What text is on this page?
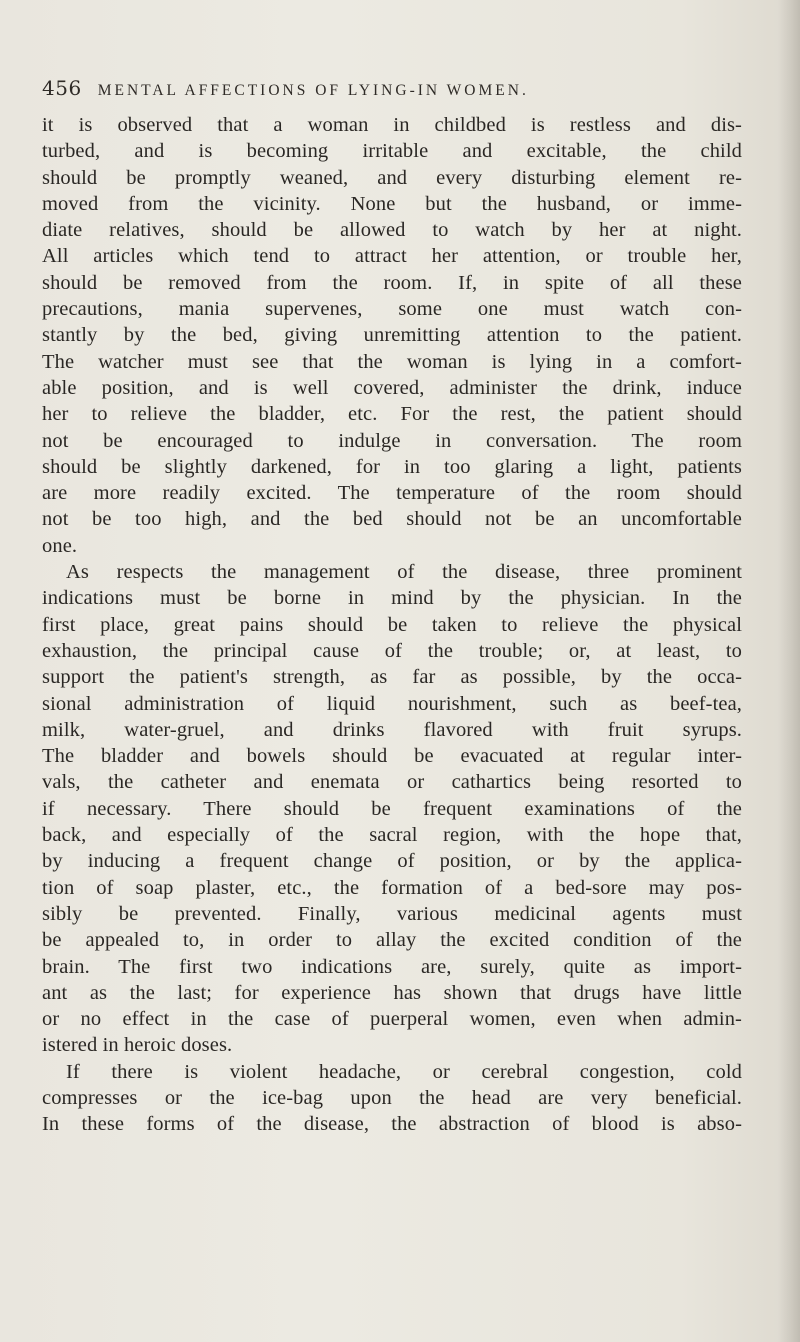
456 MENTAL AFFECTIONS OF LYING-IN WOMEN.
it is observed that a woman in childbed is restless and dis-
turbed, and is becoming irritable and excitable, the child
should be promptly weaned, and every disturbing element re-
moved from the vicinity. None but the husband, or imme-
diate relatives, should be allowed to watch by her at night.
All articles which tend to attract her attention, or trouble her,
should be removed from the room. If, in spite of all these
precautions, mania supervenes, some one must watch con-
stantly by the bed, giving unremitting attention to the patient.
The watcher must see that the woman is lying in a comfort-
able position, and is well covered, administer the drink, induce
her to relieve the bladder, etc. For the rest, the patient should
not be encouraged to indulge in conversation. The room
should be slightly darkened, for in too glaring a light, patients
are more readily excited. The temperature of the room should
not be too high, and the bed should not be an uncomfortable
one.
As respects the management of the disease, three prominent
indications must be borne in mind by the physician. In the
first place, great pains should be taken to relieve the physical
exhaustion, the principal cause of the trouble; or, at least, to
support the patient's strength, as far as possible, by the occa-
sional administration of liquid nourishment, such as beef-tea,
milk, water-gruel, and drinks flavored with fruit syrups.
The bladder and bowels should be evacuated at regular inter-
vals, the catheter and enemata or cathartics being resorted to
if necessary. There should be frequent examinations of the
back, and especially of the sacral region, with the hope that,
by inducing a frequent change of position, or by the applica-
tion of soap plaster, etc., the formation of a bed-sore may pos-
sibly be prevented. Finally, various medicinal agents must
be appealed to, in order to allay the excited condition of the
brain. The first two indications are, surely, quite as import-
ant as the last; for experience has shown that drugs have little
or no effect in the case of puerperal women, even when admin-
istered in heroic doses.
If there is violent headache, or cerebral congestion, cold
compresses or the ice-bag upon the head are very beneficial.
In these forms of the disease, the abstraction of blood is abso-
